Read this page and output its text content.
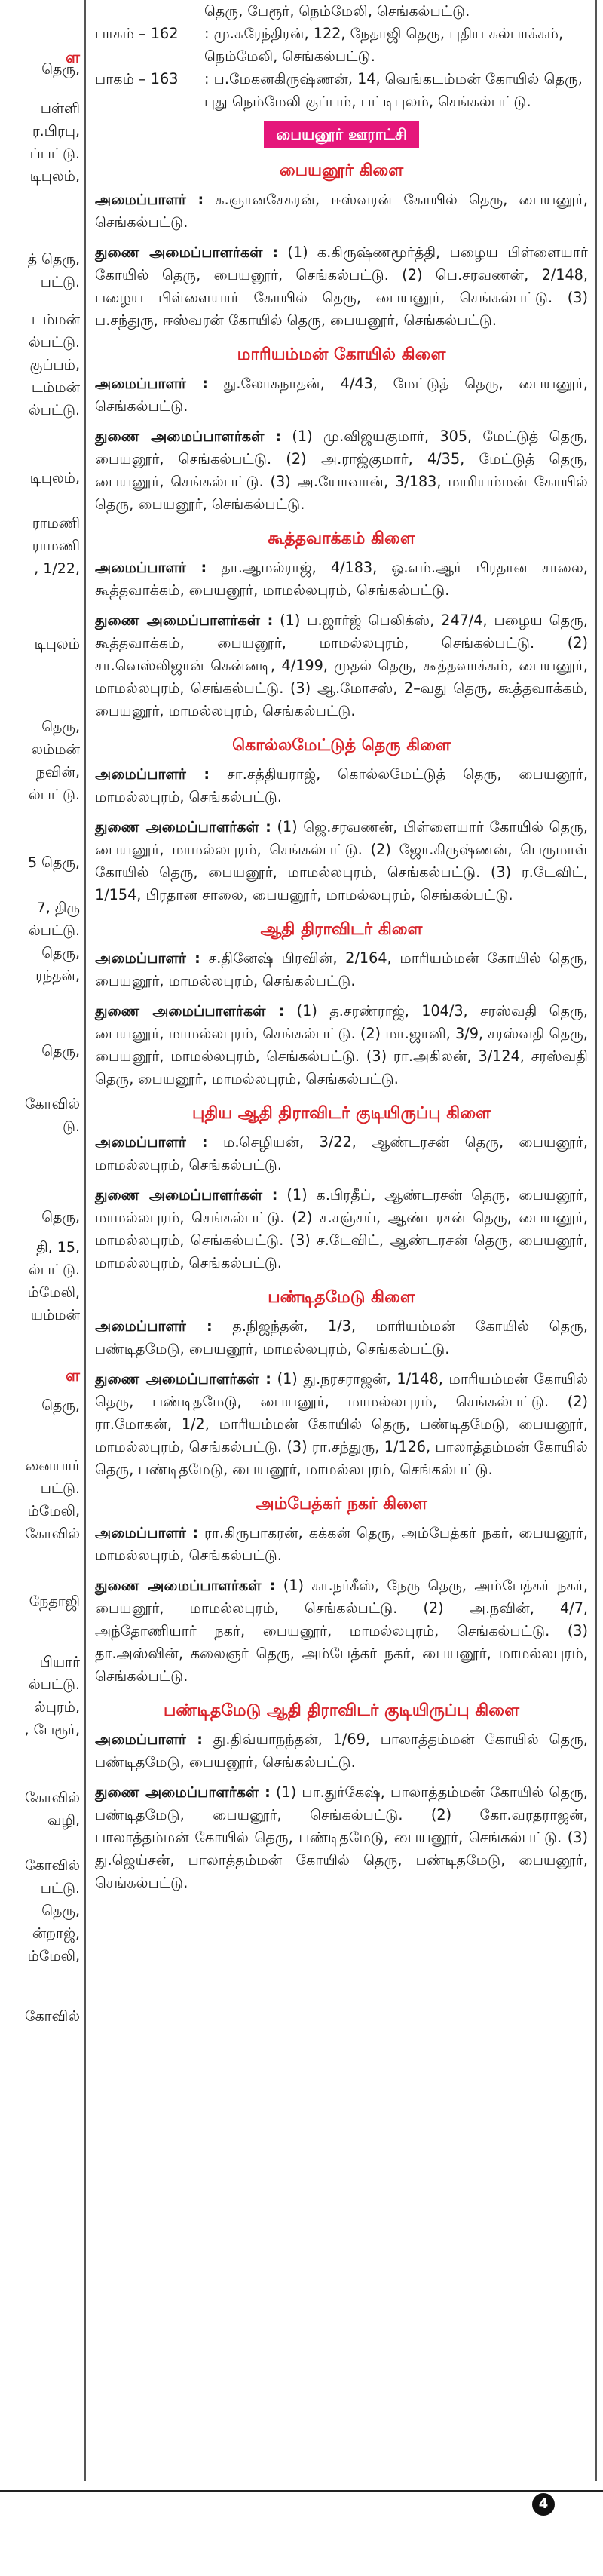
ள
தெரு,
பள்ளி
ர.பிரபு,
ப்பட்டு.
டிபுலம்,
த் தெரு,
பட்டு.
டம்மன்
ல்பட்டு.
குப்பம்,
டம்மன்
ல்பட்டு.
டிபுலம்,
ராமணி
ராமணி
, 1/22,
டிபுலம்
தெரு,
லம்மன்
நவின்,
ல்பட்டு.
5 தெரு,
7, திரு
ல்பட்டு.
தெரு,
ரந்தன்,
தெரு,
கோவில்
டு.
தெரு,
தி, 15,
ல்பட்டு.
ம்மேலி,
யம்மன்
ள
தெரு,
னையார்
பட்டு.
ம்மேலி,
கோவில்
நேதாஜி
பியார்
ல்பட்டு.
ல்புரம்,
, பேரூர்,
கோவில்
வழி,
கோவில்
பட்டு.
தெரு,
ன்றாஜ்,
ம்மேலி,
கோவில்
தெரு, பேரூர், நெம்மேலி, செங்கல்பட்டு.
பாகம் – 162	: மு.சுரேந்திரன், 122, நேதாஜி தெரு, புதிய கல்பாக்கம், நெம்மேலி, செங்கல்பட்டு.
பாகம் – 163	: ப.மேகனகிருஷ்ணன், 14, வெங்கடம்மன் கோயில் தெரு, புது நெம்மேலி குப்பம், பட்டிபுலம், செங்கல்பட்டு.
பையனூர் ஊராட்சி
பையனூர் கிளை

அமைப்பாளர் : க.ஞானசேகரன், ஈஸ்வரன் கோயில் தெரு, பையனூர், செங்கல்பட்டு.

துணை அமைப்பாளர்கள் : (1) க.கிருஷ்ணமூர்த்தி, பழைய பிள்ளையார் கோயில் தெரு, பையனூர், செங்கல்பட்டு. (2) பெ.சரவணன், 2/148, பழைய பிள்ளையார் கோயில் தெரு, பையனூர், செங்கல்பட்டு. (3) ப.சந்துரு, ஈஸ்வரன் கோயில் தெரு, பையனூர், செங்கல்பட்டு.

மாரியம்மன் கோயில் கிளை

அமைப்பாளர் : து.லோகநாதன், 4/43, மேட்டுத் தெரு, பையனூர், செங்கல்பட்டு.

துணை அமைப்பாளர்கள் : (1) மு.விஜயகுமார், 305, மேட்டுத் தெரு, பையனூர், செங்கல்பட்டு. (2) அ.ராஜ்குமார், 4/35, மேட்டுத் தெரு, பையனூர், செங்கல்பட்டு. (3) அ.யோவான், 3/183, மாரியம்மன் கோயில் தெரு, பையனூர், செங்கல்பட்டு.

கூத்தவாக்கம் கிளை

அமைப்பாளர் : தா.ஆமல்ராஜ், 4/183, ஒ.எம்.ஆர் பிரதான சாலை, கூத்தவாக்கம், பையனூர், மாமல்லபுரம், செங்கல்பட்டு.

துணை அமைப்பாளர்கள் : (1) ப.ஜார்ஜ் பெலிக்ஸ், 247/4, பழைய தெரு, கூத்தவாக்கம், பையனூர், மாமல்லபுரம், செங்கல்பட்டு. (2) சா.வெஸ்லிஜான் கென்னடி, 4/199, முதல் தெரு, கூத்தவாக்கம், பையனூர், மாமல்லபுரம், செங்கல்பட்டு. (3) ஆ.மோசஸ், 2–வது தெரு, கூத்தவாக்கம், பையனூர், மாமல்லபுரம், செங்கல்பட்டு.

கொல்லமேட்டுத் தெரு கிளை

அமைப்பாளர் : சா.சத்தியராஜ், கொல்லமேட்டுத் தெரு, பையனூர், மாமல்லபுரம், செங்கல்பட்டு.

துணை அமைப்பாளர்கள் : (1) ஜெ.சரவணன், பிள்ளையார் கோயில் தெரு, பையனூர், மாமல்லபுரம், செங்கல்பட்டு. (2) ஜோ.கிருஷ்ணன், பெருமாள் கோயில் தெரு, பையனூர், மாமல்லபுரம், செங்கல்பட்டு. (3) ர.டேவிட், 1/154, பிரதான சாலை, பையனூர், மாமல்லபுரம், செங்கல்பட்டு.

ஆதி திராவிடர் கிளை

அமைப்பாளர் : ச.தினேஷ் பிரவின், 2/164, மாரியம்மன் கோயில் தெரு, பையனூர், மாமல்லபுரம், செங்கல்பட்டு.

துணை அமைப்பாளர்கள் : (1) த.சரண்ராஜ், 104/3, சரஸ்வதி தெரு, பையனூர், மாமல்லபுரம், செங்கல்பட்டு. (2) மா.ஜானி, 3/9, சரஸ்வதி தெரு, பையனூர், மாமல்லபுரம், செங்கல்பட்டு. (3) ரா.அகிலன், 3/124, சரஸ்வதி தெரு, பையனூர், மாமல்லபுரம், செங்கல்பட்டு.

புதிய ஆதி திராவிடர் குடியிருப்பு கிளை

அமைப்பாளர் : ம.செழியன், 3/22, ஆண்டரசன் தெரு, பையனூர், மாமல்லபுரம், செங்கல்பட்டு.

துணை அமைப்பாளர்கள் : (1) க.பிரதீப், ஆண்டரசன் தெரு, பையனூர், மாமல்லபுரம், செங்கல்பட்டு. (2) ச.சஞ்சய், ஆண்டரசன் தெரு, பையனூர், மாமல்லபுரம், செங்கல்பட்டு. (3) ச.டேவிட், ஆண்டரசன் தெரு, பையனூர், மாமல்லபுரம், செங்கல்பட்டு.

பண்டிதமேடு கிளை

அமைப்பாளர் : த.நிஜந்தன், 1/3, மாரியம்மன் கோயில் தெரு, பண்டிதமேடு, பையனூர், மாமல்லபுரம், செங்கல்பட்டு.

துணை அமைப்பாளர்கள் : (1) து.நரசராஜன், 1/148, மாரியம்மன் கோயில் தெரு, பண்டிதமேடு, பையனூர், மாமல்லபுரம், செங்கல்பட்டு. (2) ரா.மோகன், 1/2, மாரியம்மன் கோயில் தெரு, பண்டிதமேடு, பையனூர், மாமல்லபுரம், செங்கல்பட்டு. (3) ரா.சந்துரு, 1/126, பாலாத்தம்மன் கோயில் தெரு, பண்டிதமேடு, பையனூர், மாமல்லபுரம், செங்கல்பட்டு.

அம்பேத்கர் நகர் கிளை

அமைப்பாளர் : ரா.கிருபாகரன், கக்கன் தெரு, அம்பேத்கர் நகர், பையனூர், மாமல்லபுரம், செங்கல்பட்டு.

துணை அமைப்பாளர்கள் : (1) கா.நர்கீஸ், நேரு தெரு, அம்பேத்கர் நகர், பையனூர், மாமல்லபுரம், செங்கல்பட்டு. (2) அ.நவின், 4/7, அந்தோணியார் நகர், பையனூர், மாமல்லபுரம், செங்கல்பட்டு. (3) தா.அஸ்வின், கலைஞர் தெரு, அம்பேத்கர் நகர், பையனூர், மாமல்லபுரம், செங்கல்பட்டு.

பண்டிதமேடு ஆதி திராவிடர் குடியிருப்பு கிளை

அமைப்பாளர் : து.திவ்யாநந்தன், 1/69, பாலாத்தம்மன் கோயில் தெரு, பண்டிதமேடு, பையனூர், செங்கல்பட்டு.

துணை அமைப்பாளர்கள் : (1) பா.துர்கேஷ், பாலாத்தம்மன் கோயில் தெரு, பண்டிதமேடு, பையனூர், செங்கல்பட்டு. (2) கோ.வரதராஜன், பாலாத்தம்மன் கோயில் தெரு, பண்டிதமேடு, பையனூர், செங்கல்பட்டு. (3) து.ஜெய்சன், பாலாத்தம்மன் கோயில் தெரு, பண்டிதமேடு, பையனூர், செங்கல்பட்டு.

4
